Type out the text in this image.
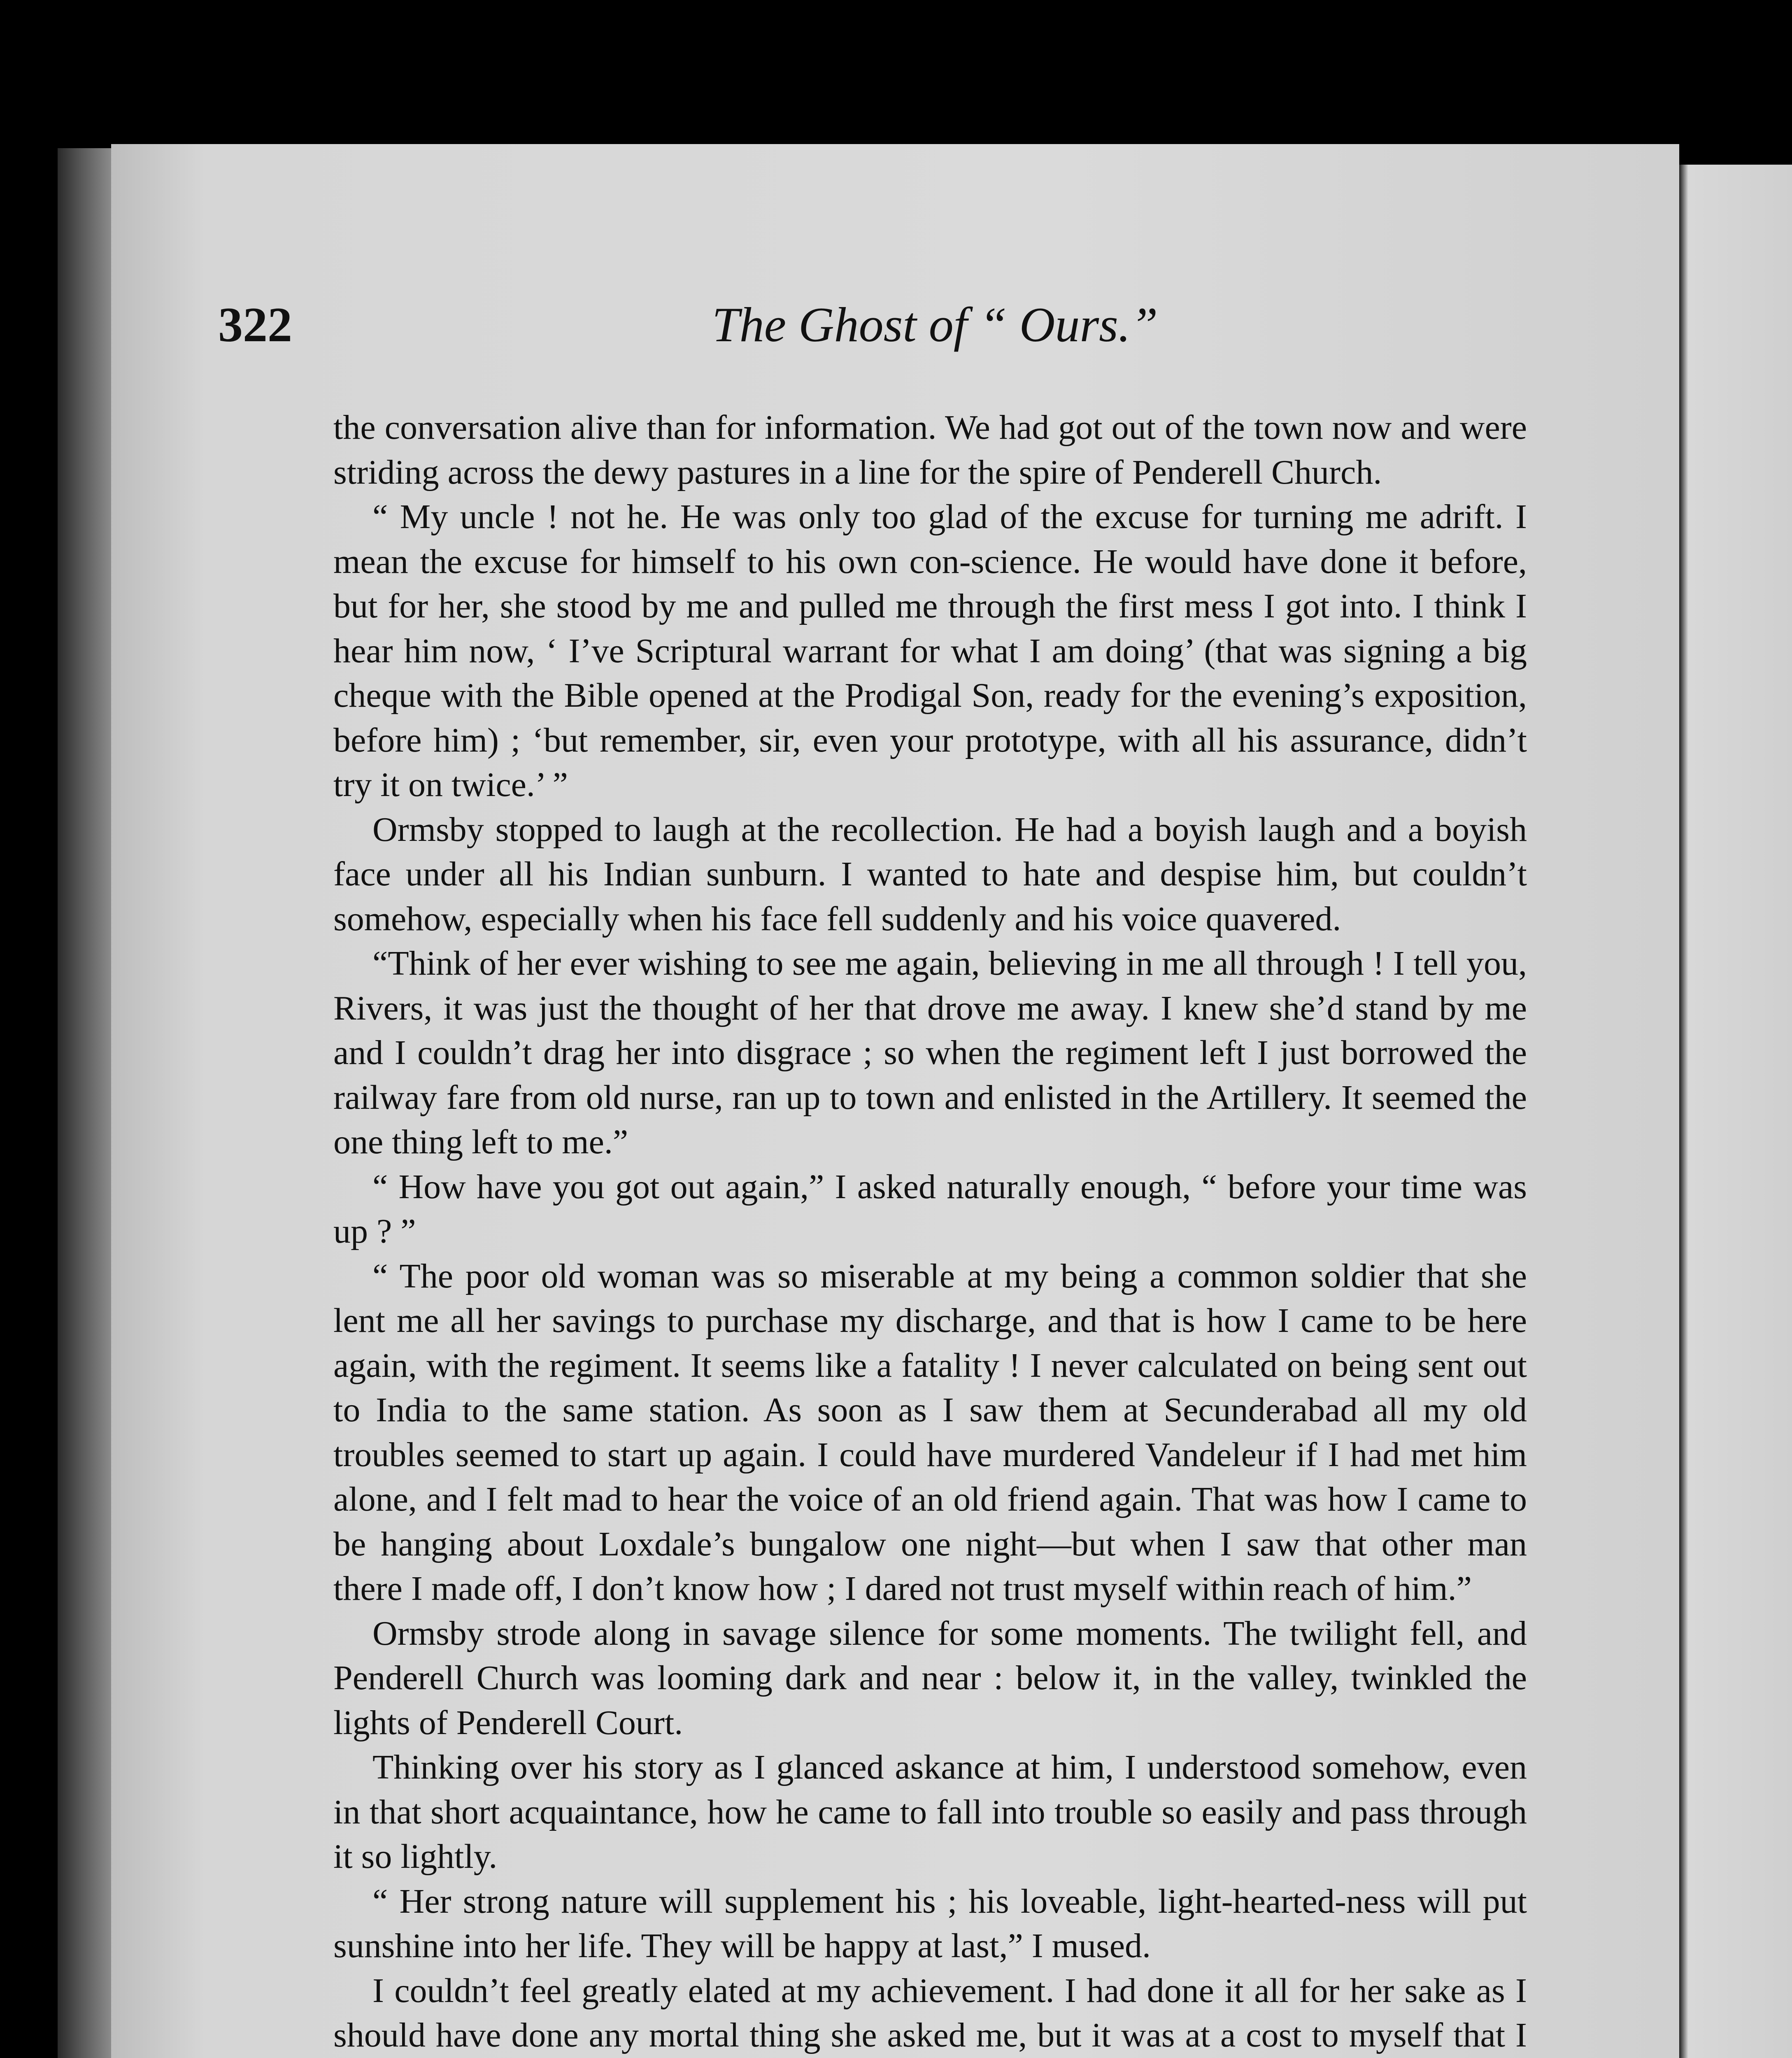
322	The Ghost of “ Ours.”

the conversation alive than for information. We had got out of the town now and were striding across the dewy pastures in a line for the spire of Penderell Church.

“ My uncle ! not he. He was only too glad of the excuse for turning me adrift. I mean the excuse for himself to his own con-science. He would have done it before, but for her, she stood by me and pulled me through the first mess I got into. I think I hear him now, ‘ I’ve Scriptural warrant for what I am doing’ (that was signing a big cheque with the Bible opened at the Prodigal Son, ready for the evening’s exposition, before him) ; ‘but remember, sir, even your prototype, with all his assurance, didn’t try it on twice.’ ”

Ormsby stopped to laugh at the recollection. He had a boyish laugh and a boyish face under all his Indian sunburn. I wanted to hate and despise him, but couldn’t somehow, especially when his face fell suddenly and his voice quavered.

“Think of her ever wishing to see me again, believing in me all through ! I tell you, Rivers, it was just the thought of her that drove me away. I knew she’d stand by me and I couldn’t drag her into disgrace ; so when the regiment left I just borrowed the railway fare from old nurse, ran up to town and enlisted in the Artillery. It seemed the one thing left to me.”

“ How have you got out again,” I asked naturally enough, “ before your time was up ? ”

“ The poor old woman was so miserable at my being a common soldier that she lent me all her savings to purchase my discharge, and that is how I came to be here again, with the regiment. It seems like a fatality ! I never calculated on being sent out to India to the same station. As soon as I saw them at Secunderabad all my old troubles seemed to start up again. I could have murdered Vandeleur if I had met him alone, and I felt mad to hear the voice of an old friend again. That was how I came to be hanging about Loxdale’s bungalow one night—but when I saw that other man there I made off, I don’t know how ; I dared not trust myself within reach of him.”

Ormsby strode along in savage silence for some moments. The twilight fell, and Penderell Church was looming dark and near : below it, in the valley, twinkled the lights of Penderell Court.

Thinking over his story as I glanced askance at him, I understood somehow, even in that short acquaintance, how he came to fall into trouble so easily and pass through it so lightly.

“ Her strong nature will supplement his ; his loveable, light-hearted-ness will put sunshine into her life. They will be happy at last,” I mused.

I couldn’t feel greatly elated at my achievement. I had done it all for her sake as I should have done any mortal thing she asked me, but it was at a cost to myself that I
